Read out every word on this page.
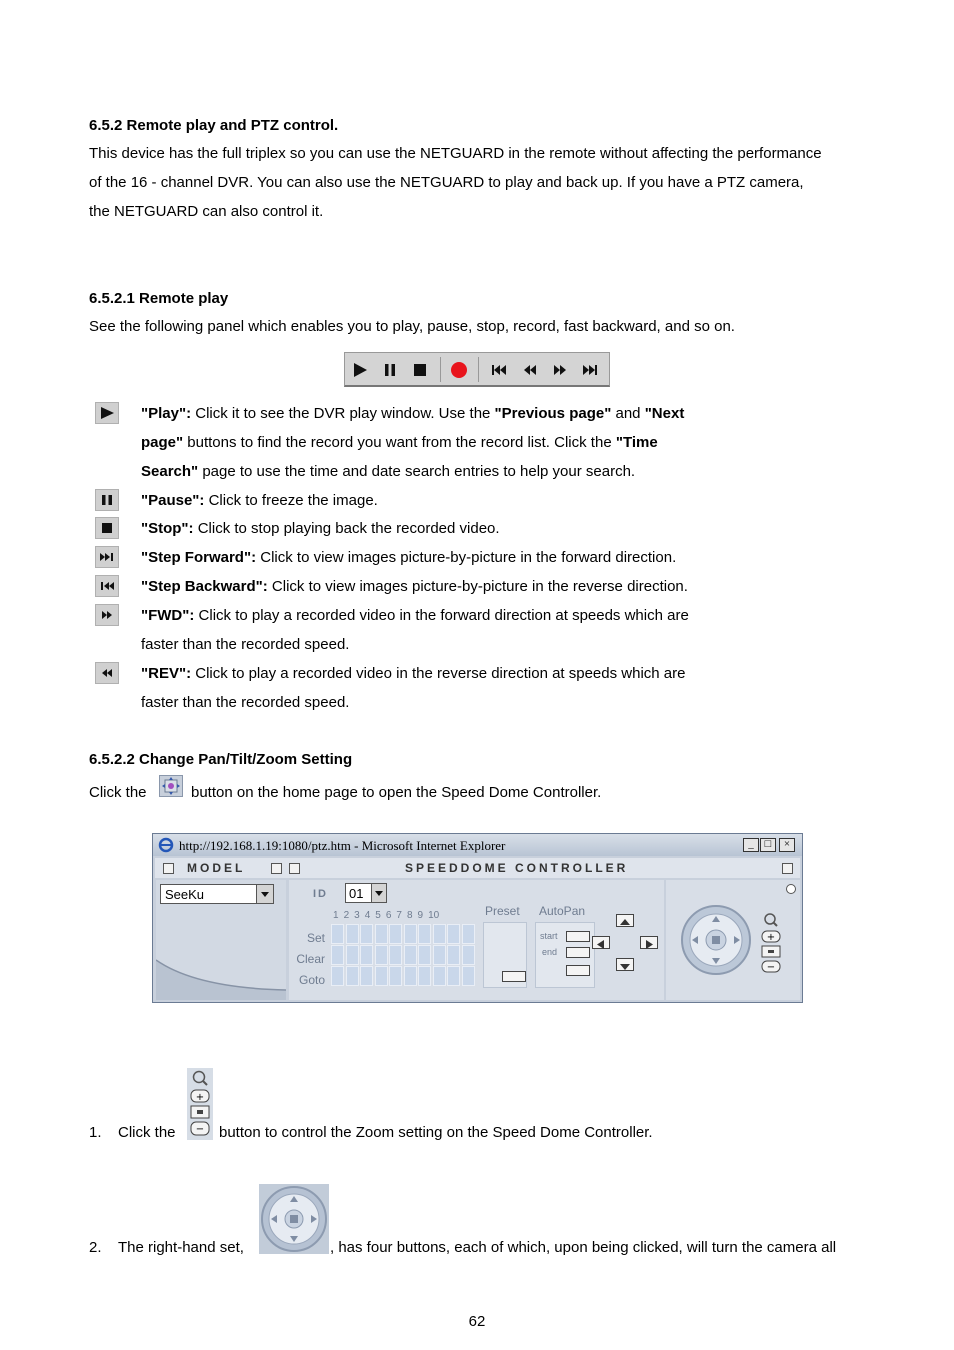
6.5.2 Remote play and PTZ control.
This device has the full triplex so you can use the NETGUARD in the remote without affecting the performance
of the 16 - channel DVR. You can also use the NETGUARD to play and back up. If you have a PTZ camera,
the NETGUARD can also control it.
6.5.2.1 Remote play
See the following panel which enables you to play, pause, stop, record, fast backward, and so on.
"Play": Click it to see the DVR play window. Use the "Previous page" and "Next
page" buttons to find the record you want from the record list. Click the "Time
Search" page to use the time and date search entries to help your search.
"Pause": Click to freeze the image.
"Stop": Click to stop playing back the recorded video.
"Step Forward": Click to view images picture-by-picture in the forward direction.
"Step Backward": Click to view images picture-by-picture in the reverse direction.
"FWD": Click to play a recorded video in the forward direction at speeds which are
faster than the recorded speed.
"REV": Click to play a recorded video in the reverse direction at speeds which are
faster than the recorded speed.
6.5.2.2 Change Pan/Tilt/Zoom Setting
Click the	button on the home page to open the Speed Dome Controller.
http://192.168.1.19:1080/ptz.htm - Microsoft Internet Explorer	_ □	×
MODEL	SPEEDDOME CONTROLLER
SeeKu	ID 01
1 2 3 4 5 6 7 8 9 10
Set
Clear
Goto
Preset AutoPan
start
end
+
−
1. Click the
+
− button to control the Zoom setting on the Speed Dome Controller.
2. The right-hand set,	, has four buttons, each of which, upon being clicked, will turn the camera all
62
